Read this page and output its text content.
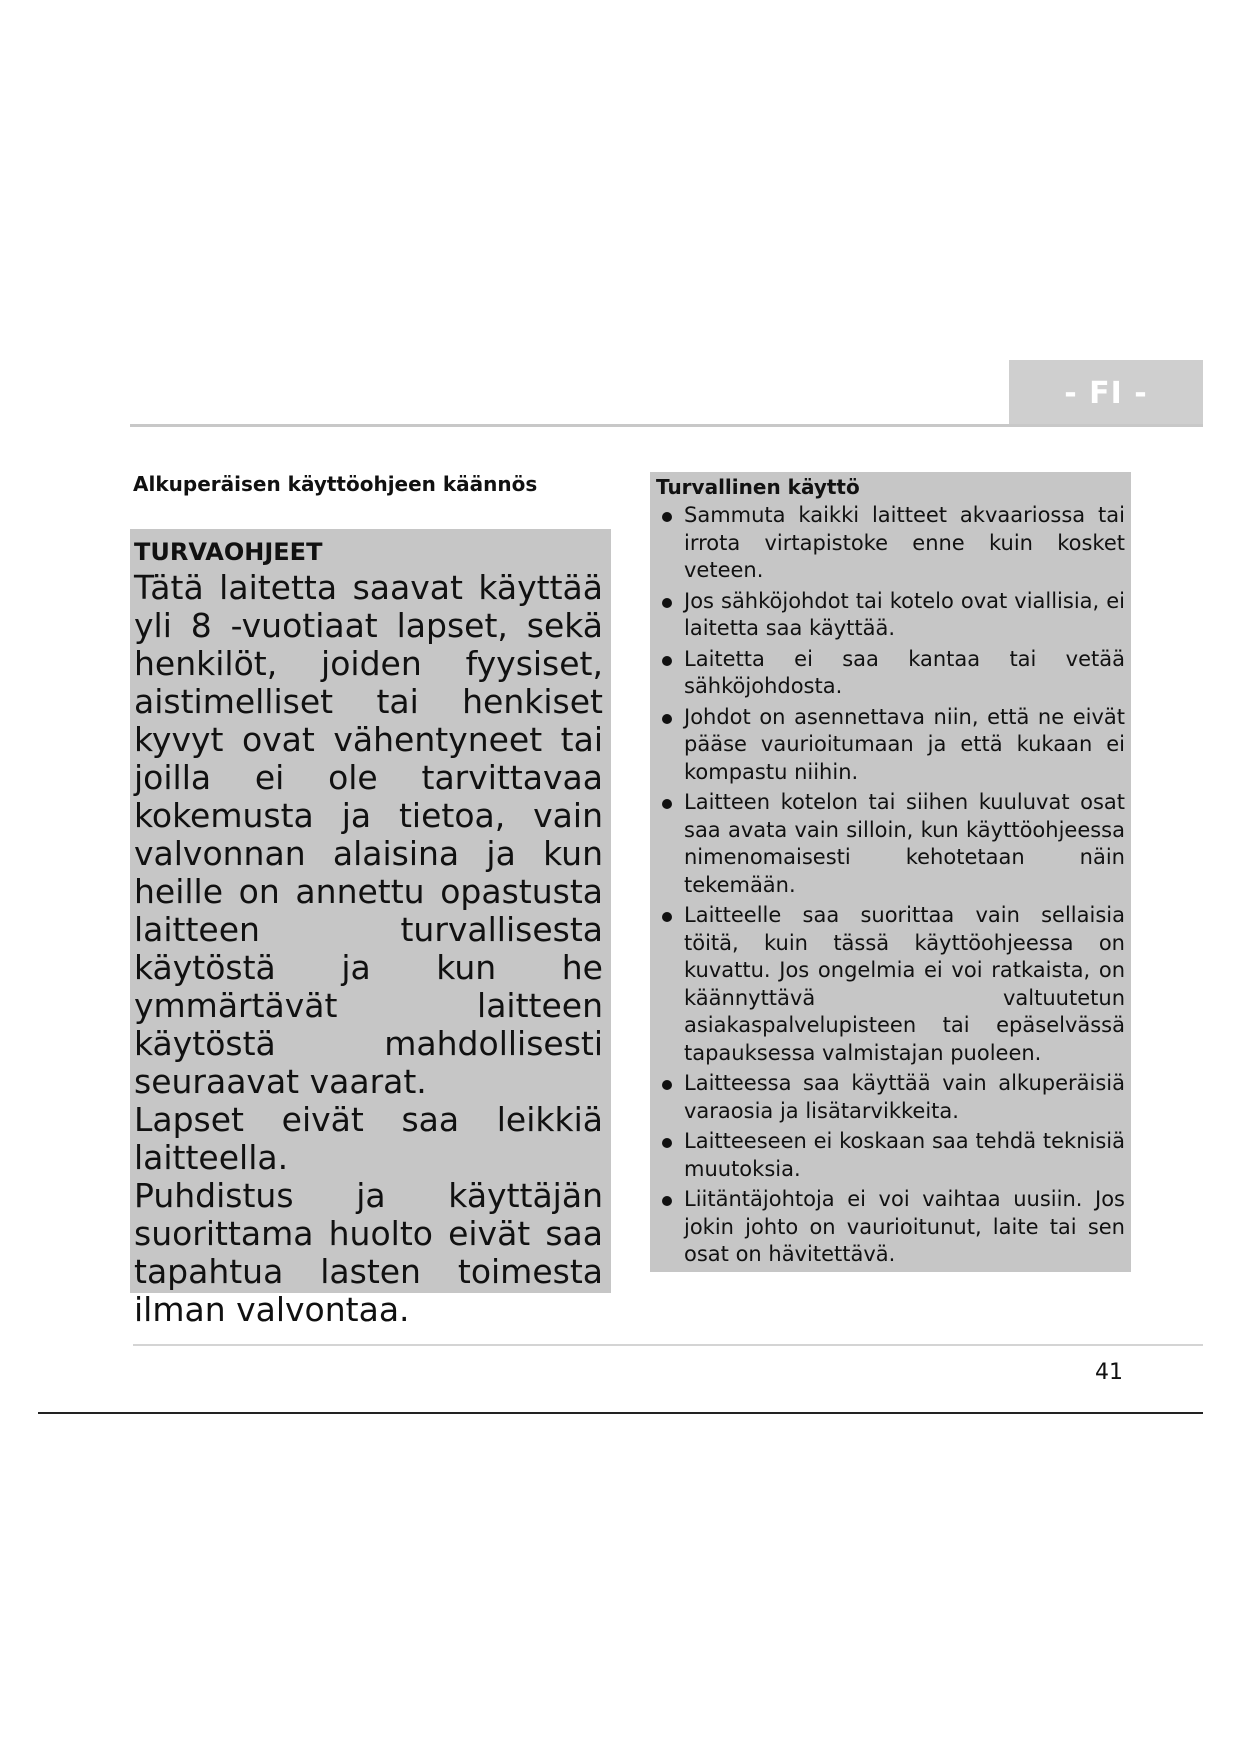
- FI -
Alkuperäisen käyttöohjeen käännös
TURVAOHJEET

Tätä laitetta saavat käyttää yli 8 -vuotiaat lapset, sekä henkilöt, joiden fyysiset, aistimelliset tai henkiset kyvyt ovat vähentyneet tai joilla ei ole tarvittavaa kokemusta ja tietoa, vain valvonnan alaisina ja kun heille on annettu opastusta laitteen turvallisesta käytöstä ja kun he ymmärtävät laitteen käytöstä mahdollisesti seuraavat vaarat.

Lapset eivät saa leikkiä laitteella.

Puhdistus ja käyttäjän suorittama huolto eivät saa tapahtua lasten toimesta ilman valvontaa.

Turvallinen käyttö
Sammuta kaikki laitteet akvaariossa tai irrota virtapistoke enne kuin kosket veteen.
Jos sähköjohdot tai kotelo ovat viallisia, ei laitetta saa käyttää.
Laitetta ei saa kantaa tai vetää sähköjohdosta.
Johdot on asennettava niin, että ne eivät pääse vaurioitumaan ja että kukaan ei kompastu niihin.
Laitteen kotelon tai siihen kuuluvat osat saa avata vain silloin, kun käyttöohjeessa nimenomaisesti kehotetaan näin tekemään.
Laitteelle saa suorittaa vain sellaisia töitä, kuin tässä käyttöohjeessa on kuvattu. Jos ongelmia ei voi ratkaista, on käännyttävä valtuutetun asiakaspalvelupisteen tai epäselvässä tapauksessa valmistajan puoleen.
Laitteessa saa käyttää vain alkuperäisiä varaosia ja lisätarvikkeita.
Laitteeseen ei koskaan saa tehdä teknisiä muutoksia.
Liitäntäjohtoja ei voi vaihtaa uusiin. Jos jokin johto on vaurioitunut, laite tai sen osat on hävitettävä.
41
